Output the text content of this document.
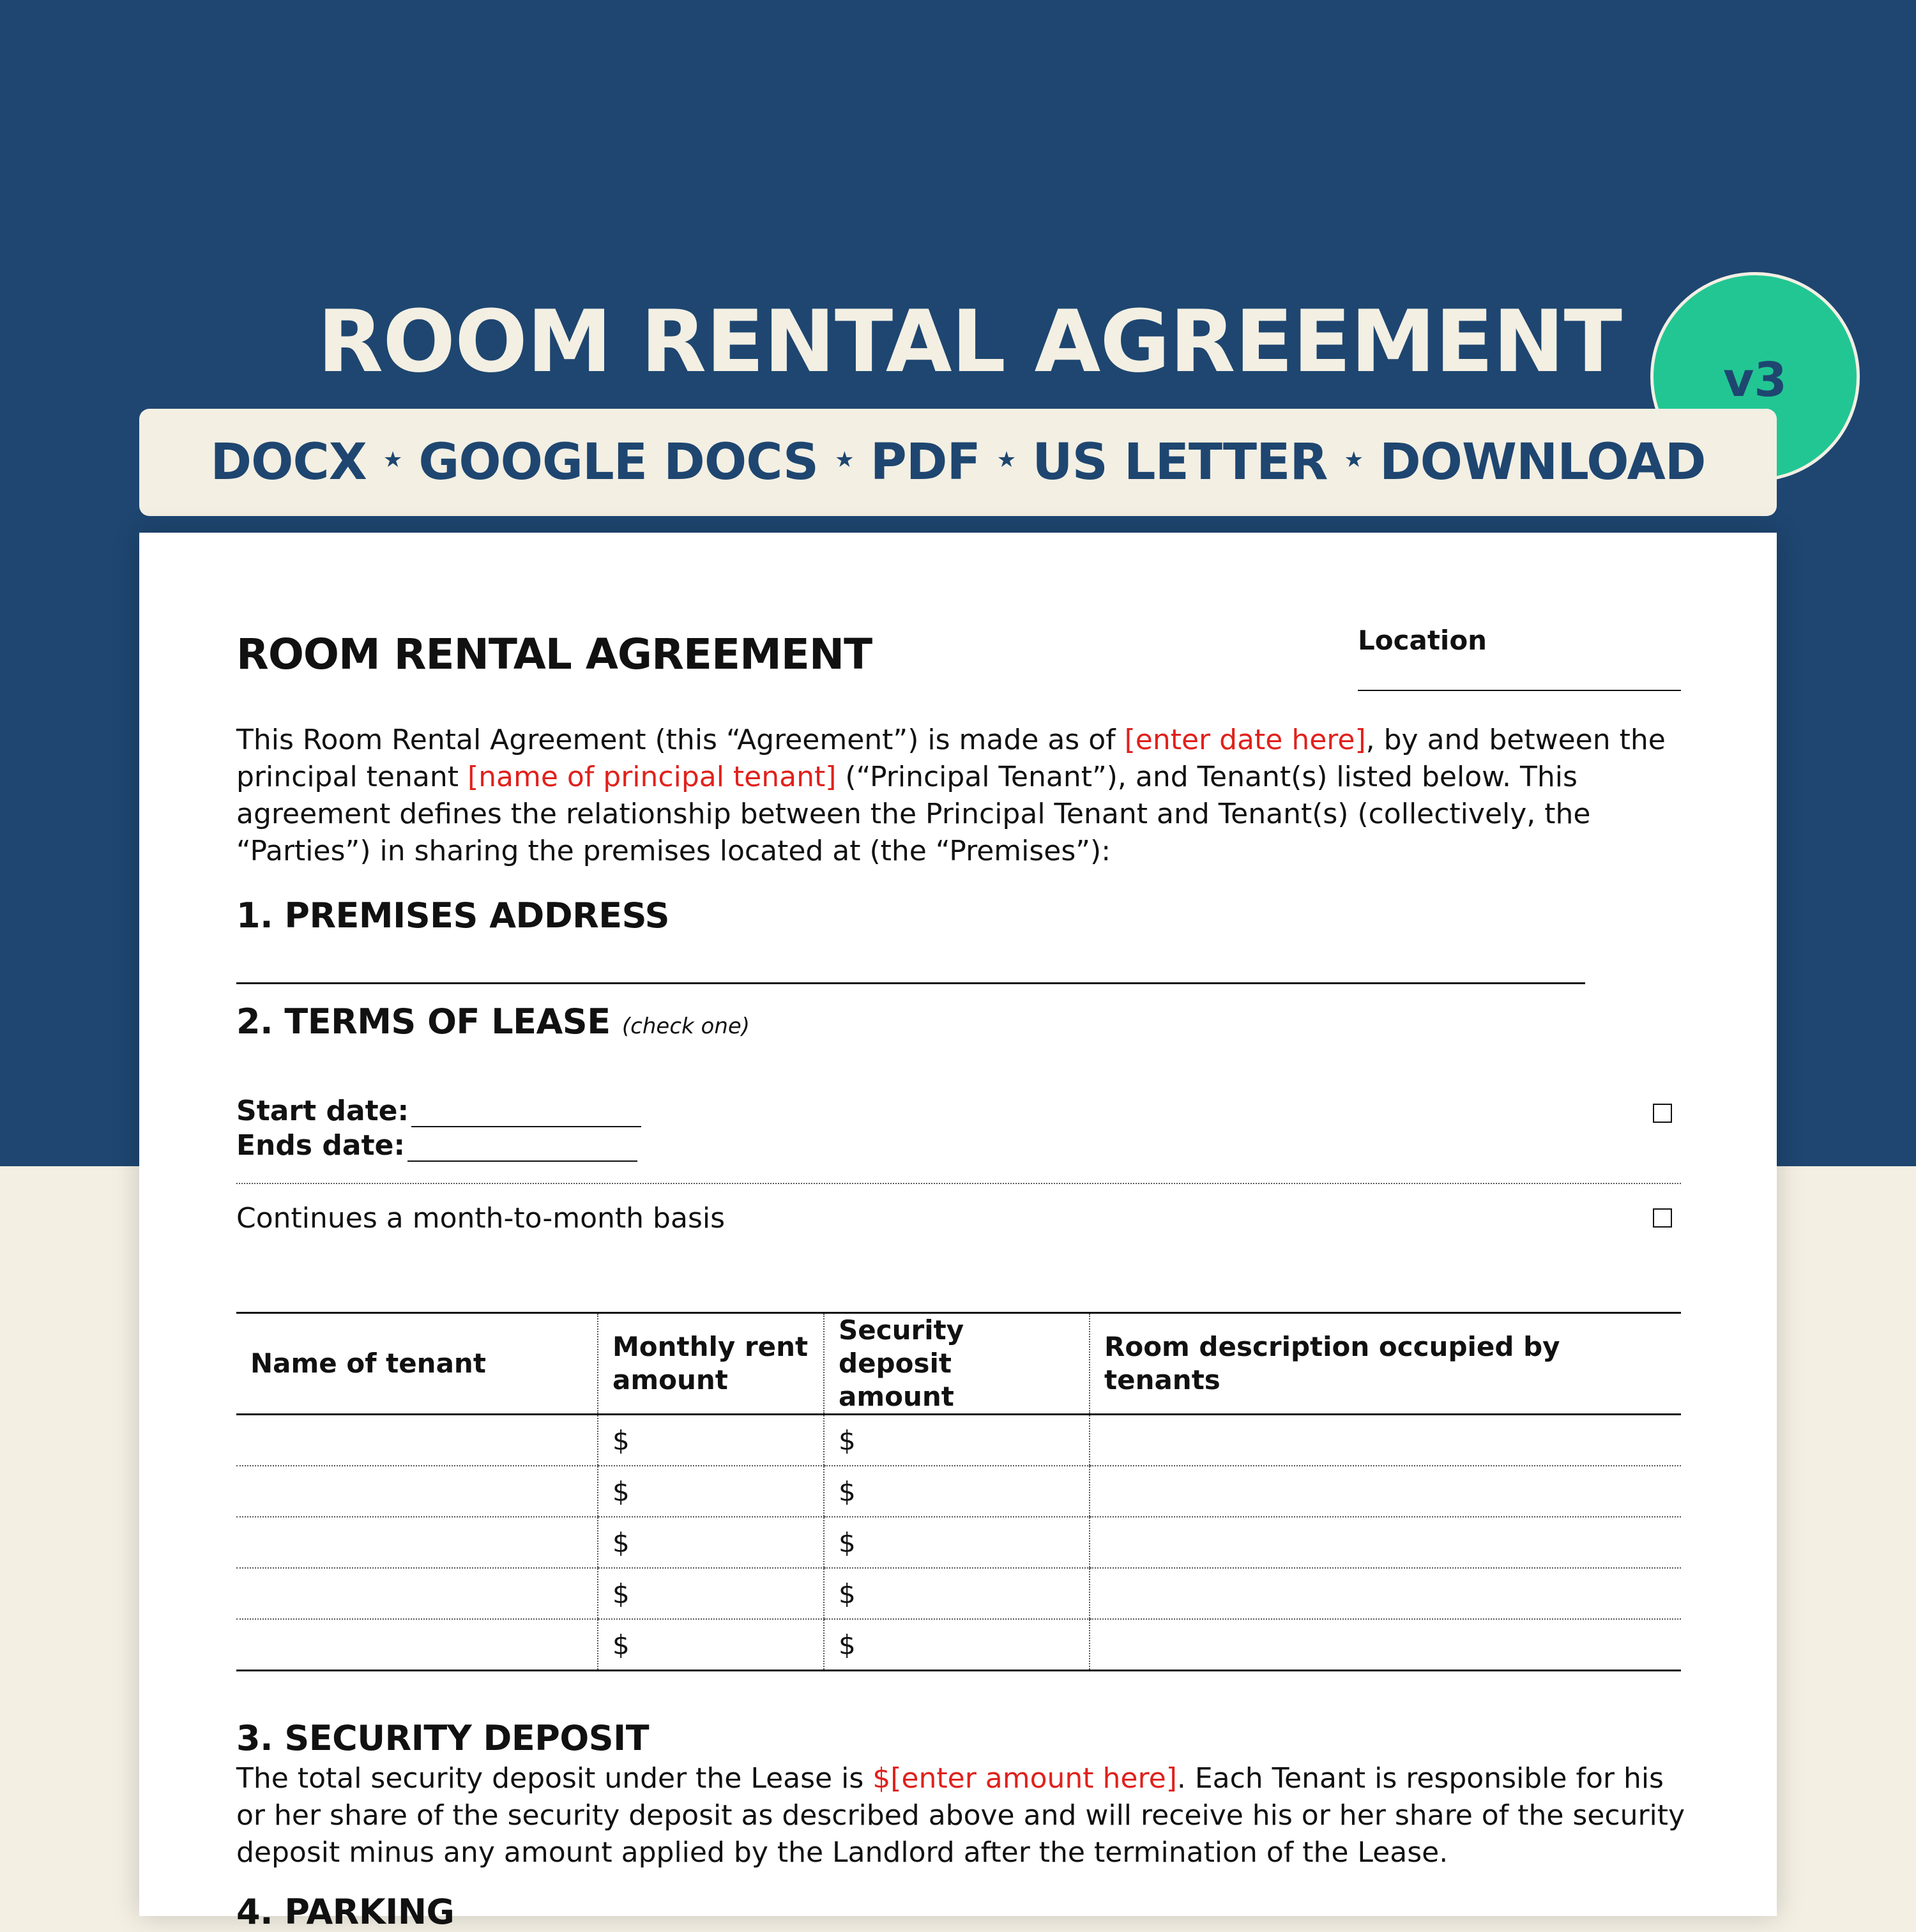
ROOM RENTAL AGREEMENT	v3
DOCX ★ GOOGLE DOCS ★ PDF ★ US LETTER ★ DOWNLOAD
ROOM RENTAL AGREEMENT	Location
This Room Rental Agreement (this “Agreement”) is made as of [enter date here], by and between the principal tenant [name of principal tenant] (“Principal Tenant”), and Tenant(s) listed below. This agreement defines the relationship between the Principal Tenant and Tenant(s) (collectively, the “Parties”) in sharing the premises located at (the “Premises”):
1. PREMISES ADDRESS
2. TERMS OF LEASE (check one)
Start date:
Ends date:
Continues a month-to-month basis
Name of tenant	Monthly rent amount	Security deposit amount	Room description occupied by tenants
	$	$	
	$	$	
	$	$	
	$	$	
	$	$	
3. SECURITY DEPOSIT
The total security deposit under the Lease is $[enter amount here]. Each Tenant is responsible for his or her share of the security deposit as described above and will receive his or her share of the security deposit minus any amount applied by the Landlord after the termination of the Lease.
4. PARKING
